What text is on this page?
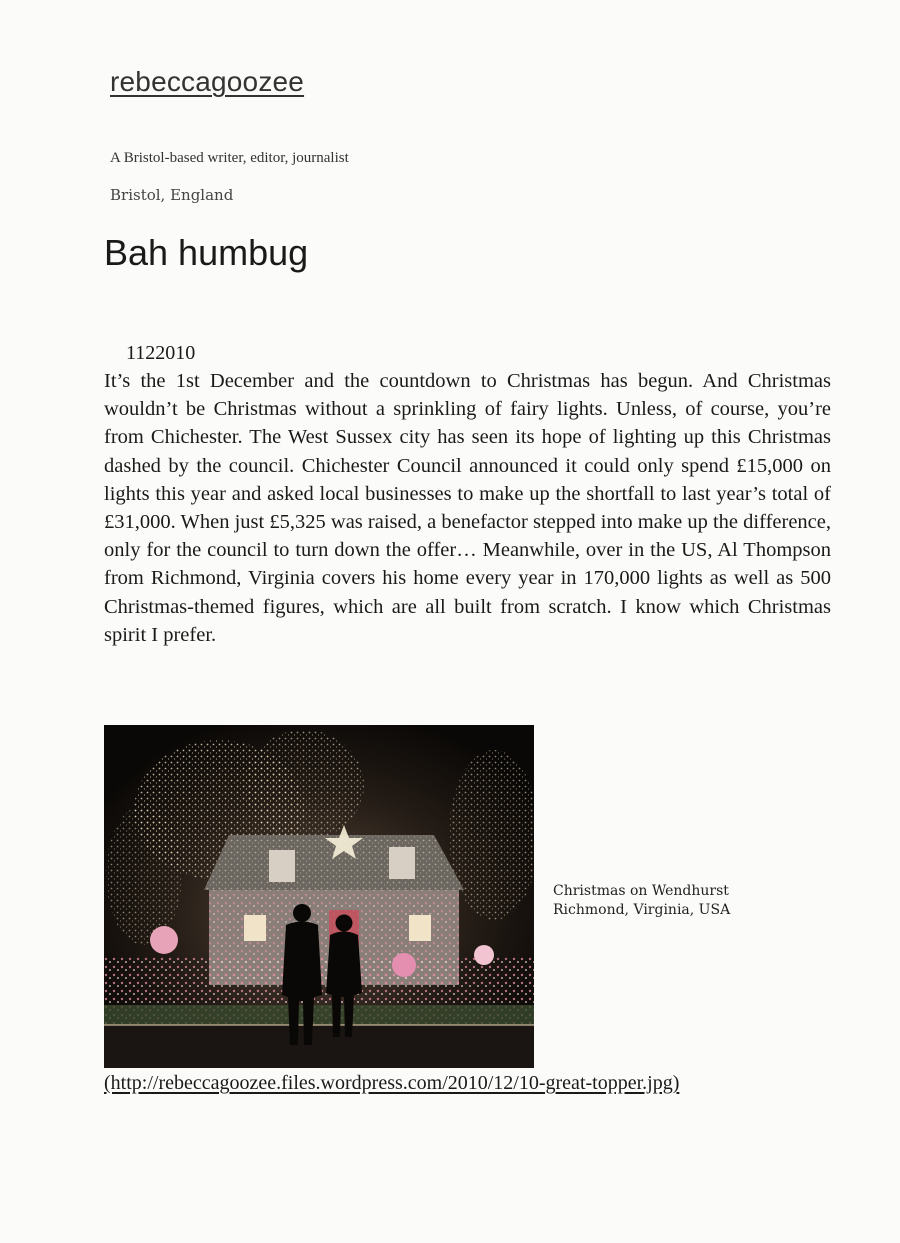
rebeccagoozee
A Bristol-based writer, editor, journalist
Bristol, England
Bah humbug
1122010

It’s the 1st December and the countdown to Christmas has begun. And Christmas wouldn’t be Christmas without a sprinkling of fairy lights. Unless, of course, you’re from Chichester. The West Sussex city has seen its hope of lighting up this Christmas dashed by the council. Chichester Council announced it could only spend £15,000 on lights this year and asked local businesses to make up the shortfall to last year’s total of £31,000. When just £5,325 was raised, a benefactor stepped into make up the difference, only for the council to turn down the offer… Meanwhile, over in the US, Al Thompson from Richmond, Virginia covers his home every year in 170,000 lights as well as 500 Christmas-themed figures, which are all built from scratch. I know which Christmas spirit I prefer.

Christmas on Wendhurst
Richmond, Virginia, USA
(http://rebeccagoozee.files.wordpress.com/2010/12/10-great-topper.jpg)
